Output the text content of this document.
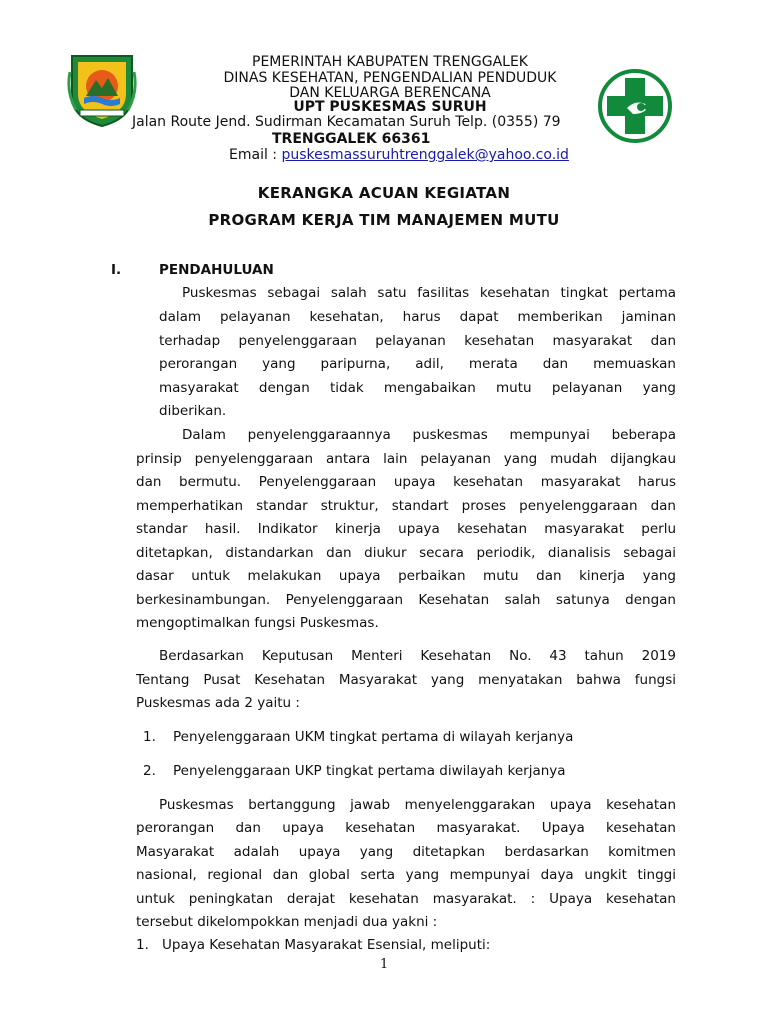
PEMERINTAH KABUPATEN TRENGGALEK
DINAS KESEHATAN, PENGENDALIAN PENDUDUK
DAN KELUARGA BERENCANA
UPT PUSKESMAS SURUH
Jalan Route Jend. Sudirman Kecamatan Suruh Telp. (0355) 79
TRENGGALEK 66361
Email : puskesmassuruhtrenggalek@yahoo.co.id
KERANGKA ACUAN KEGIATAN
PROGRAM KERJA TIM MANAJEMEN MUTU
I.	PENDAHULUAN
Puskesmas sebagai salah satu fasilitas kesehatan tingkat pertama
dalam pelayanan kesehatan, harus dapat memberikan jaminan
terhadap penyelenggaraan pelayanan kesehatan masyarakat dan
perorangan yang paripurna, adil, merata dan memuaskan
masyarakat dengan tidak mengabaikan mutu pelayanan yang
diberikan.
Dalam penyelenggaraannya puskesmas mempunyai beberapa
prinsip penyelenggaraan antara lain pelayanan yang mudah dijangkau
dan bermutu. Penyelenggaraan upaya kesehatan masyarakat harus
memperhatikan standar struktur, standart proses penyelenggaraan dan
standar hasil. Indikator kinerja upaya kesehatan masyarakat perlu
ditetapkan, distandarkan dan diukur secara periodik, dianalisis sebagai
dasar untuk melakukan upaya perbaikan mutu dan kinerja yang
berkesinambungan. Penyelenggaraan Kesehatan salah satunya dengan
mengoptimalkan fungsi Puskesmas.
Berdasarkan Keputusan Menteri Kesehatan No. 43 tahun 2019
Tentang Pusat Kesehatan Masyarakat yang menyatakan bahwa fungsi
Puskesmas ada 2 yaitu :
1. Penyelenggaraan UKM tingkat pertama di wilayah kerjanya
2. Penyelenggaraan UKP tingkat pertama diwilayah kerjanya
Puskesmas bertanggung jawab menyelenggarakan upaya kesehatan
perorangan dan upaya kesehatan masyarakat. Upaya kesehatan
Masyarakat adalah upaya yang ditetapkan berdasarkan komitmen
nasional, regional dan global serta yang mempunyai daya ungkit tinggi
untuk peningkatan derajat kesehatan masyarakat. : Upaya kesehatan
tersebut dikelompokkan menjadi dua yakni :
1. Upaya Kesehatan Masyarakat Esensial, meliputi:
1
